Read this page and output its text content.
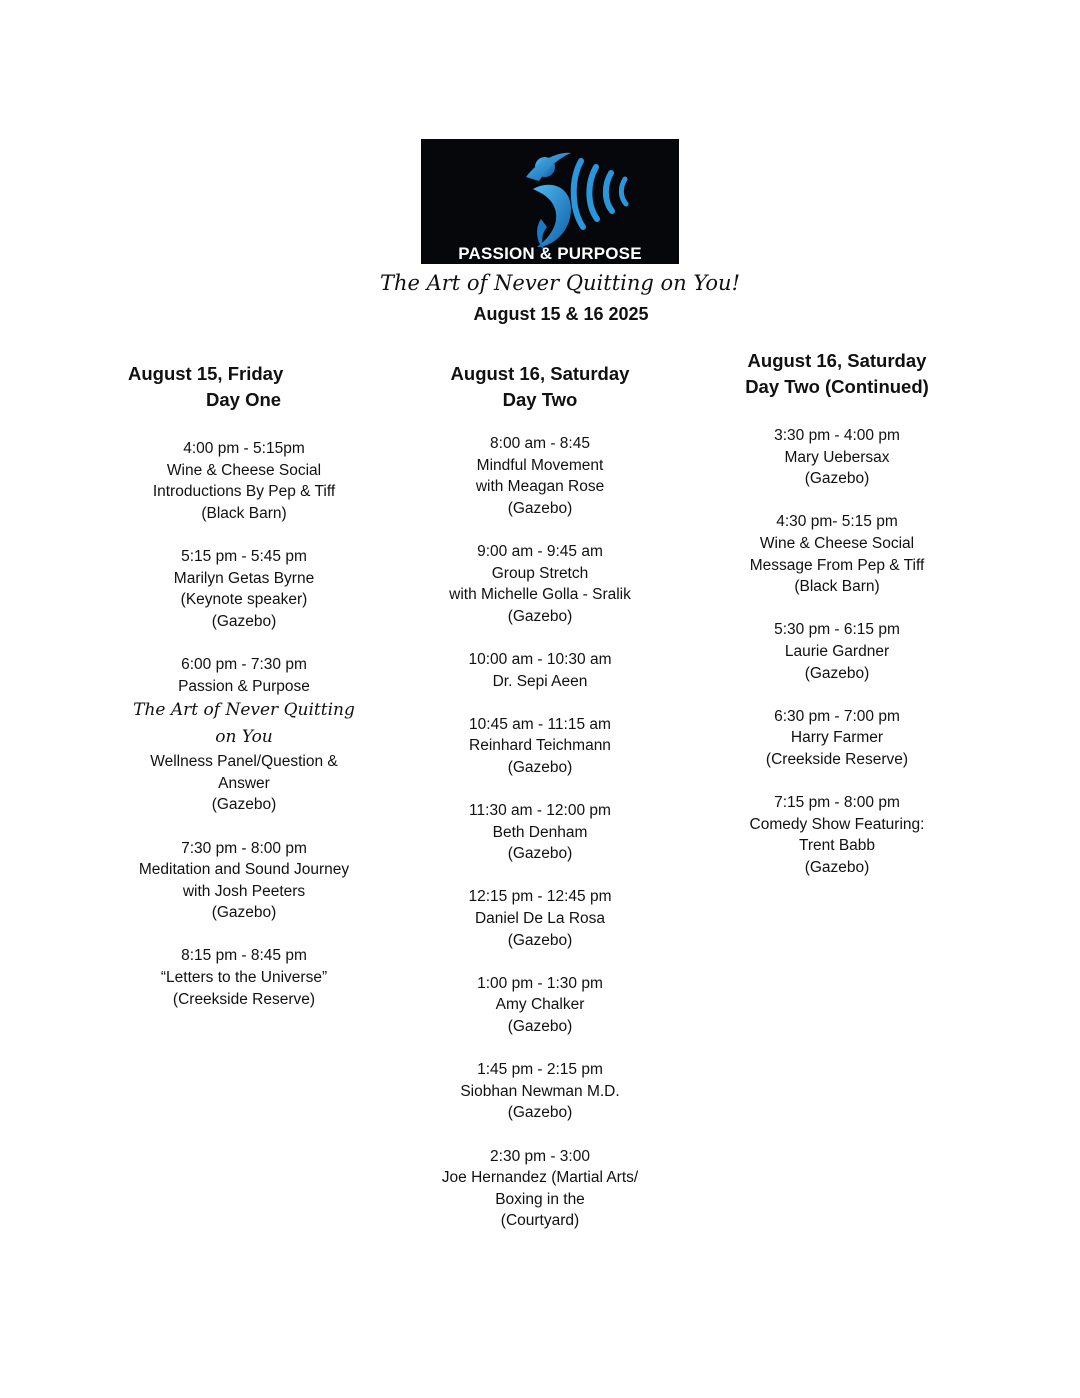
PASSION & PURPOSE
The Art of Never Quitting on You!
August 15 & 16 2025
August 15, Friday
Day One
August 16, Saturday
Day Two
August 16, Saturday
Day Two (Continued)
4:00 pm - 5:15pm
Wine & Cheese Social
Introductions By Pep & Tiff
(Black Barn)
5:15 pm - 5:45 pm
Marilyn Getas Byrne
(Keynote speaker)
(Gazebo)
6:00 pm - 7:30 pm
Passion & Purpose
The Art of Never Quitting on You
Wellness Panel/Question &
Answer
(Gazebo)
7:30 pm - 8:00 pm
Meditation and Sound Journey
with Josh Peeters
(Gazebo)
8:15 pm - 8:45 pm
“Letters to the Universe”
(Creekside Reserve)
8:00 am - 8:45
Mindful Movement
with Meagan Rose
(Gazebo)
9:00 am - 9:45 am
Group Stretch
with Michelle Golla - Sralik
(Gazebo)
10:00 am - 10:30 am
Dr. Sepi Aeen
10:45 am - 11:15 am
Reinhard Teichmann
(Gazebo)
11:30 am - 12:00 pm
Beth Denham
(Gazebo)
12:15 pm - 12:45 pm
Daniel De La Rosa
(Gazebo)
1:00 pm - 1:30 pm
Amy Chalker
(Gazebo)
1:45 pm - 2:15 pm
Siobhan Newman M.D.
(Gazebo)
2:30 pm - 3:00
Joe Hernandez (Martial Arts/
Boxing in the
(Courtyard)
3:30 pm - 4:00 pm
Mary Uebersax
(Gazebo)
4:30 pm- 5:15 pm
Wine & Cheese Social
Message From Pep & Tiff
(Black Barn)
5:30 pm - 6:15 pm
Laurie Gardner
(Gazebo)
6:30 pm - 7:00 pm
Harry Farmer
(Creekside Reserve)
7:15 pm - 8:00 pm
Comedy Show Featuring:
Trent Babb
(Gazebo)
